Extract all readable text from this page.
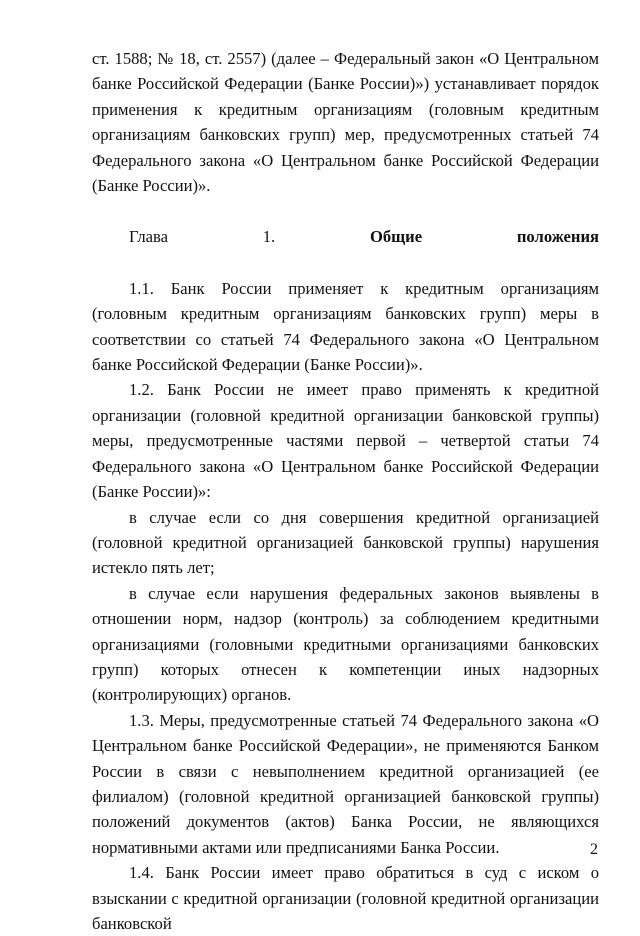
ст. 1588; № 18, ст. 2557) (далее – Федеральный закон «О Центральном банке Российской Федерации (Банке России)») устанавливает порядок применения к кредитным организациям (головным кредитным организациям банковских групп) мер, предусмотренных статьей 74 Федерального закона «О Центральном банке Российской Федерации (Банке России)».

Глава 1.	Общие положения

1.1. Банк России применяет к кредитным организациям (головным кредитным организациям банковских групп) меры в соответствии со статьей 74 Федерального закона «О Центральном банке Российской Федерации (Банке России)».

1.2. Банк России не имеет право применять к кредитной организации (головной кредитной организации банковской группы) меры, предусмотренные частями первой – четвертой статьи 74 Федерального закона «О Центральном банке Российской Федерации (Банке России)»:

в случае если со дня совершения кредитной организацией (головной кредитной организацией банковской группы) нарушения истекло пять лет;

в случае если нарушения федеральных законов выявлены в отношении норм, надзор (контроль) за соблюдением кредитными организациями (головными кредитными организациями банковских групп) которых отнесен к компетенции иных надзорных (контролирующих) органов.

1.3. Меры, предусмотренные статьей 74 Федерального закона «О Центральном банке Российской Федерации», не применяются Банком России в связи с невыполнением кредитной организацией (ее филиалом) (головной кредитной организацией банковской группы) положений документов (актов) Банка России, не являющихся нормативными актами или предписаниями Банка России.

1.4. Банк России имеет право обратиться в суд с иском о взыскании с кредитной организации (головной кредитной организации банковской

2
